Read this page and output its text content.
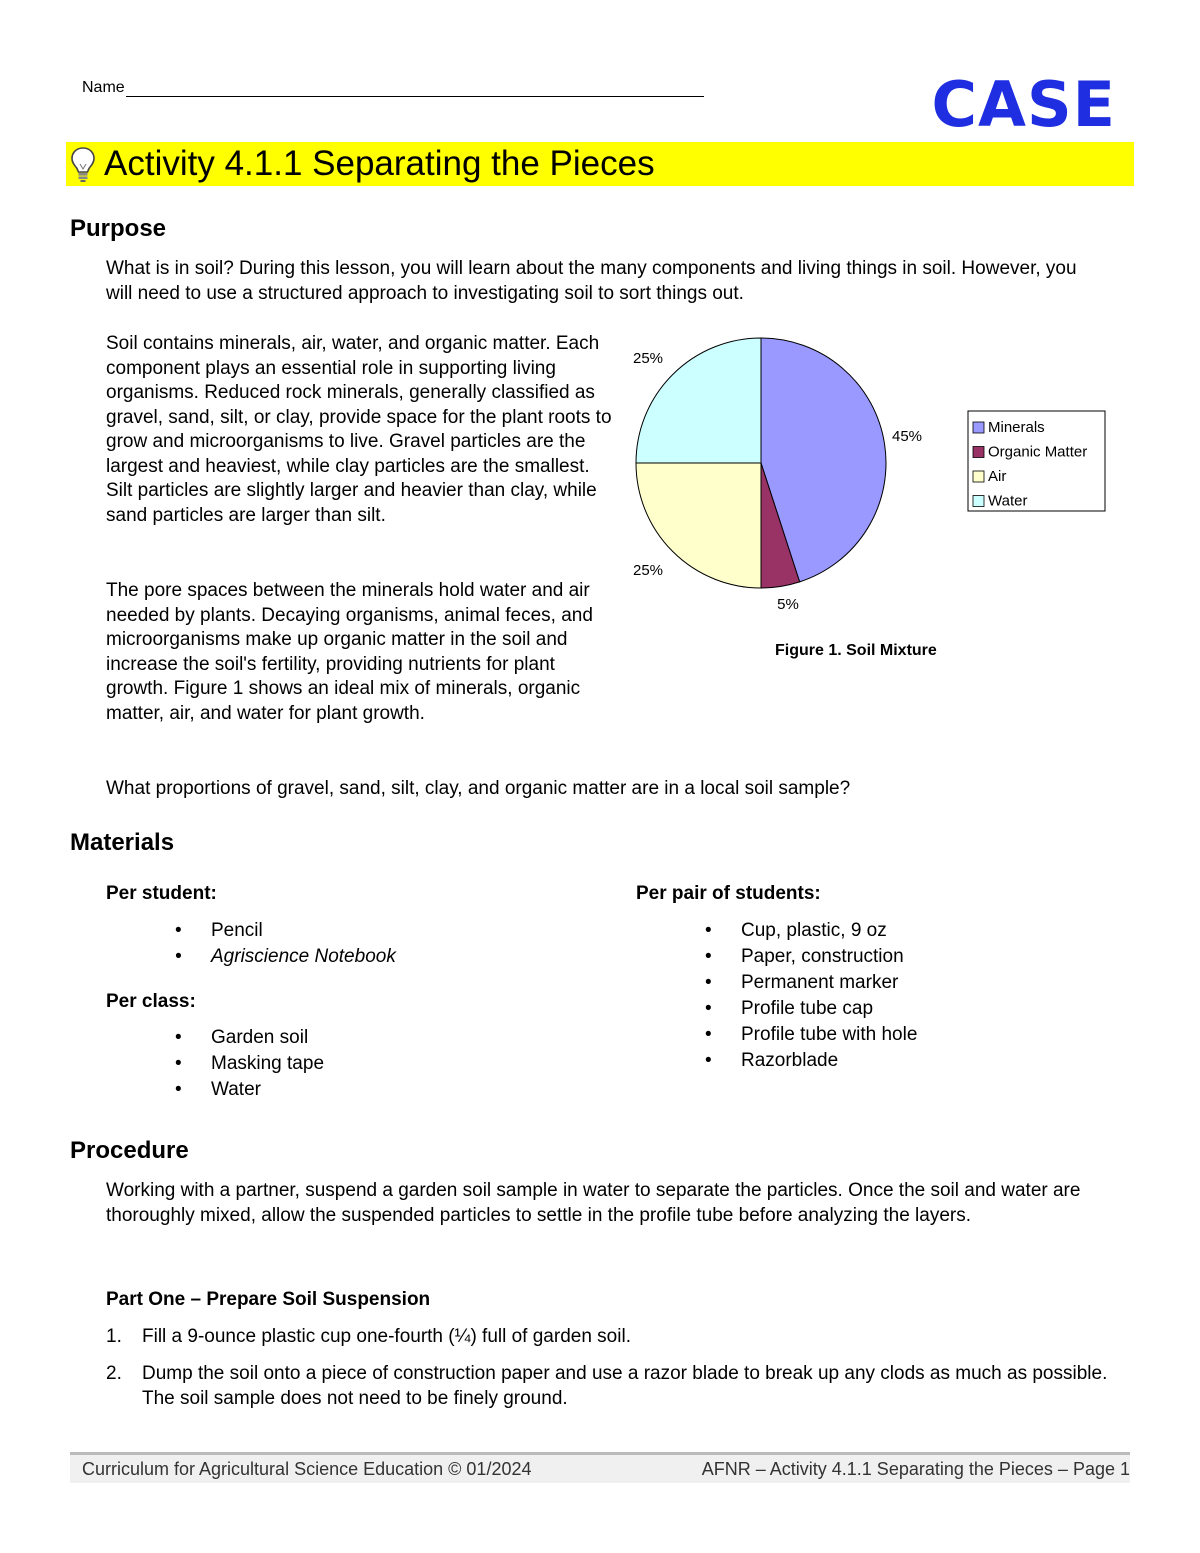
Name	CASE
Activity 4.1.1 Separating the Pieces
Purpose

What is in soil? During this lesson, you will learn about the many components and living things in soil. However, you will need to use a structured approach to investigating soil to sort things out.

Soil contains minerals, air, water, and organic matter. Each component plays an essential role in supporting living organisms. Reduced rock minerals, generally classified as gravel, sand, silt, or clay, provide space for the plant roots to grow and microorganisms to live. Gravel particles are the largest and heaviest, while clay particles are the smallest. Silt particles are slightly larger and heavier than clay, while sand particles are larger than silt.

The pore spaces between the minerals hold water and air needed by plants. Decaying organisms, animal feces, and microorganisms make up organic matter in the soil and increase the soil's fertility, providing nutrients for plant growth. Figure 1 shows an ideal mix of minerals, organic matter, air, and water for plant growth.

What proportions of gravel, sand, silt, clay, and organic matter are in a local soil sample?

45%
5%
25%
25%
Minerals
Organic Matter
Air
Water
Figure 1. Soil Mixture
Materials
Per student:
• Pencil
• Agriscience Notebook
Per class:
• Garden soil
• Masking tape
• Water
Per pair of students:
• Cup, plastic, 9 oz
• Paper, construction
• Permanent marker
• Profile tube cap
• Profile tube with hole
• Razorblade
Procedure

Working with a partner, suspend a garden soil sample in water to separate the particles. Once the soil and water are thoroughly mixed, allow the suspended particles to settle in the profile tube before analyzing the layers.

Part One – Prepare Soil Suspension
1. Fill a 9-ounce plastic cup one-fourth (¼) full of garden soil.
2. Dump the soil onto a piece of construction paper and use a razor blade to break up any clods as much as possible. The soil sample does not need to be finely ground.
Curriculum for Agricultural Science Education © 01/2024	AFNR – Activity 4.1.1 Separating the Pieces – Page 1
